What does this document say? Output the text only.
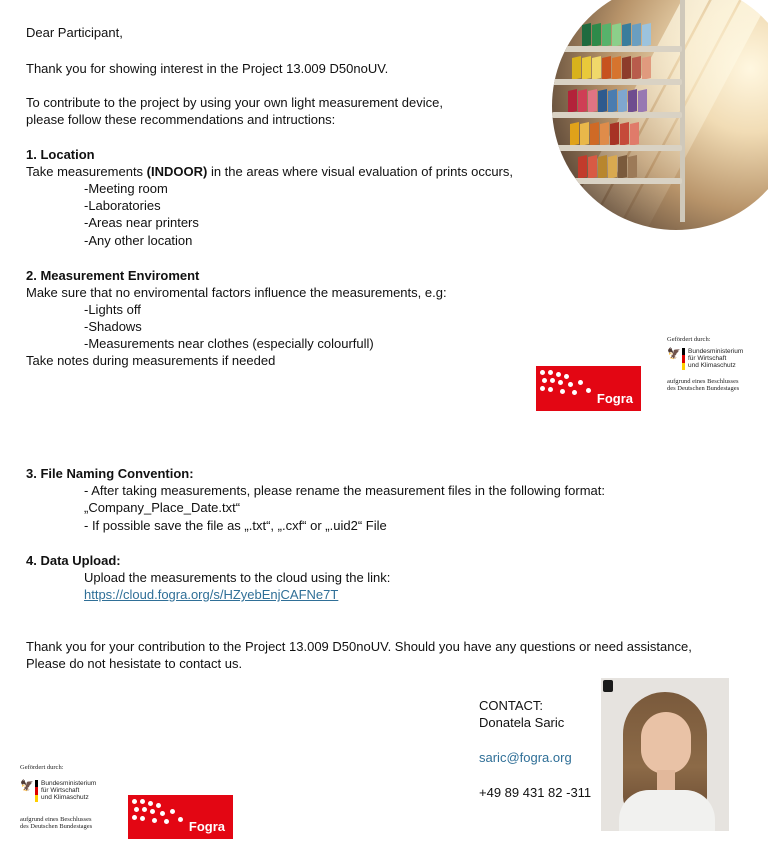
Dear Participant,
Thank you for showing interest in the Project 13.009 D50noUV.
To contribute to the project by using your own light measurement device,
please follow these recommendations and intructions:
1. Location
Take measurements (INDOOR) in the areas where visual evaluation of prints occurs,
-Meeting room
-Laboratories
-Areas near printers
-Any other location
2. Measurement Enviroment
Make sure that no enviromental factors influence the measurements, e.g:
-Lights off
-Shadows
-Measurements near clothes (especially colourfull)
Take notes during measurements if needed
Fogra
Gefördert durch:
🦅 Bundesministerium
für Wirtschaft
und Klimaschutz
aufgrund eines Beschlusses
des Deutschen Bundestages
3. File Naming Convention:
- After taking measurements, please rename the measurement files in the following format:
„Company_Place_Date.txt“
- If possible save the file as „.txt“, „.cxf“ or „.uid2“ File
4. Data Upload:
Upload the measurements to the cloud using the link:
https://cloud.fogra.org/s/HZyebEnjCAFNe7T
Thank you for your contribution to the Project 13.009 D50noUV. Should you have any questions or need assistance,
Please do not hesistate to contact us.
CONTACT:
Donatela Saric
saric@fogra.org
+49 89 431 82 -311
Gefördert durch:
🦅 Bundesministerium
für Wirtschaft
und Klimaschutz
aufgrund eines Beschlusses
des Deutschen Bundestages	Fogra
